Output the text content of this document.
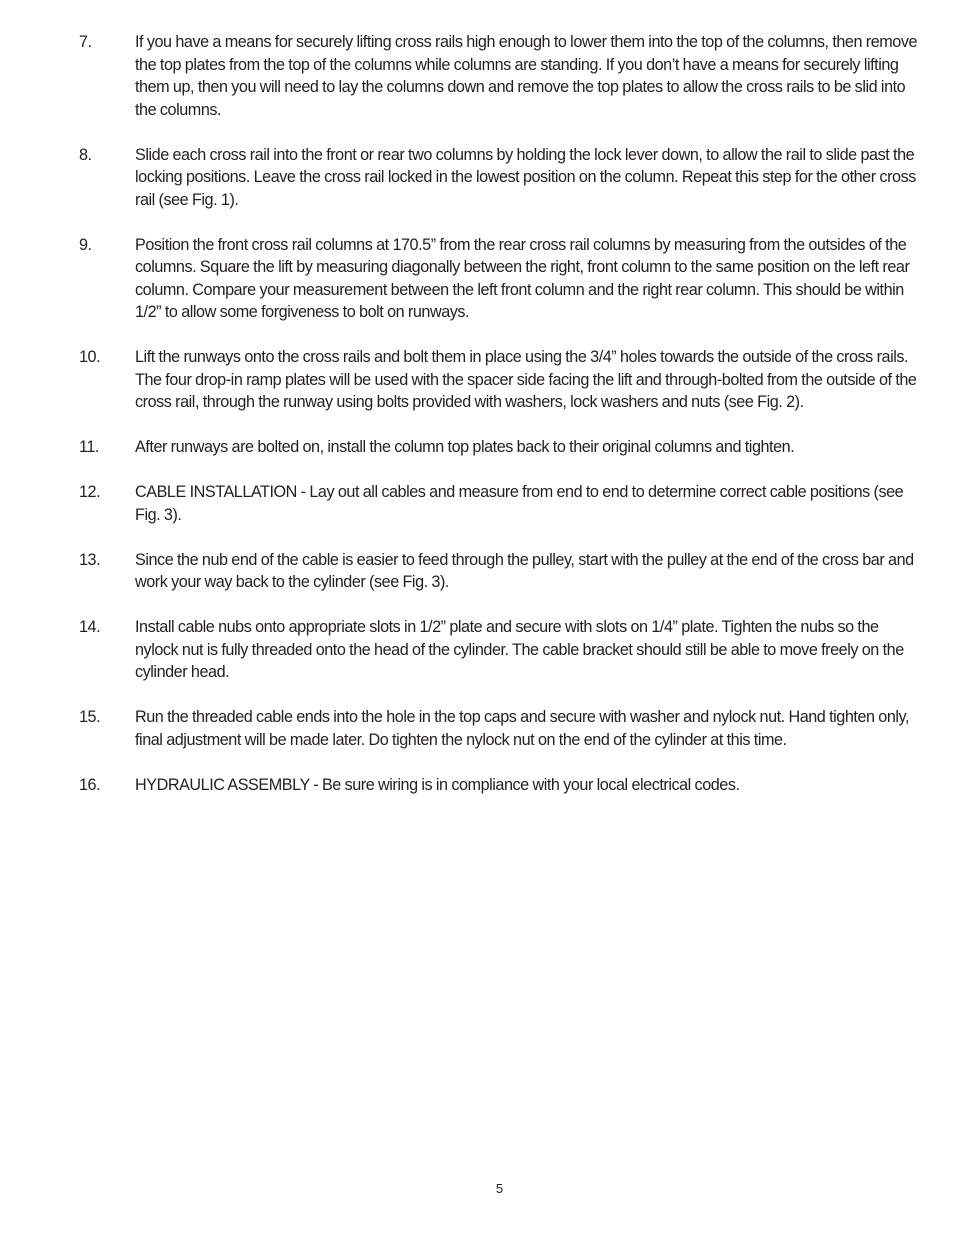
7.	If you have a means for securely lifting cross rails high enough to lower them into the top of the columns, then remove the top plates from the top of the columns while columns are standing. If you don’t have a means for securely lifting them up, then you will need to lay the columns down and remove the top plates to allow the cross rails to be slid into the columns.
8.	Slide each cross rail into the front or rear two columns by holding the lock lever down, to allow the rail to slide past the locking positions. Leave the cross rail locked in the lowest position on the column. Repeat this step for the other cross rail (see Fig. 1).
9.	Position the front cross rail columns at 170.5” from the rear cross rail columns by measuring from the outsides of the columns. Square the lift by measuring diagonally between the right, front column to the same position on the left rear column. Compare your measurement between the left front column and the right rear column. This should be within 1/2” to allow some forgiveness to bolt on runways.
10.	Lift the runways onto the cross rails and bolt them in place using the 3/4” holes towards the outside of the cross rails. The four drop-in ramp plates will be used with the spacer side facing the lift and through-bolted from the outside of the cross rail, through the runway using bolts provided with washers, lock washers and nuts (see Fig. 2).
11.	After runways are bolted on, install the column top plates back to their original columns and tighten.
12.	CABLE INSTALLATION - Lay out all cables and measure from end to end to determine correct cable positions (see Fig. 3).
13.	Since the nub end of the cable is easier to feed through the pulley, start with the pulley at the end of the cross bar and work your way back to the cylinder (see Fig. 3).
14.	Install cable nubs onto appropriate slots in 1/2” plate and secure with slots on 1/4” plate. Tighten the nubs so the nylock nut is fully threaded onto the head of the cylinder. The cable bracket should still be able to move freely on the cylinder head.
15.	Run the threaded cable ends into the hole in the top caps and secure with washer and nylock nut. Hand tighten only, final adjustment will be made later. Do tighten the nylock nut on the end of the cylinder at this time.
16.	HYDRAULIC ASSEMBLY - Be sure wiring is in compliance with your local electrical codes.
5
